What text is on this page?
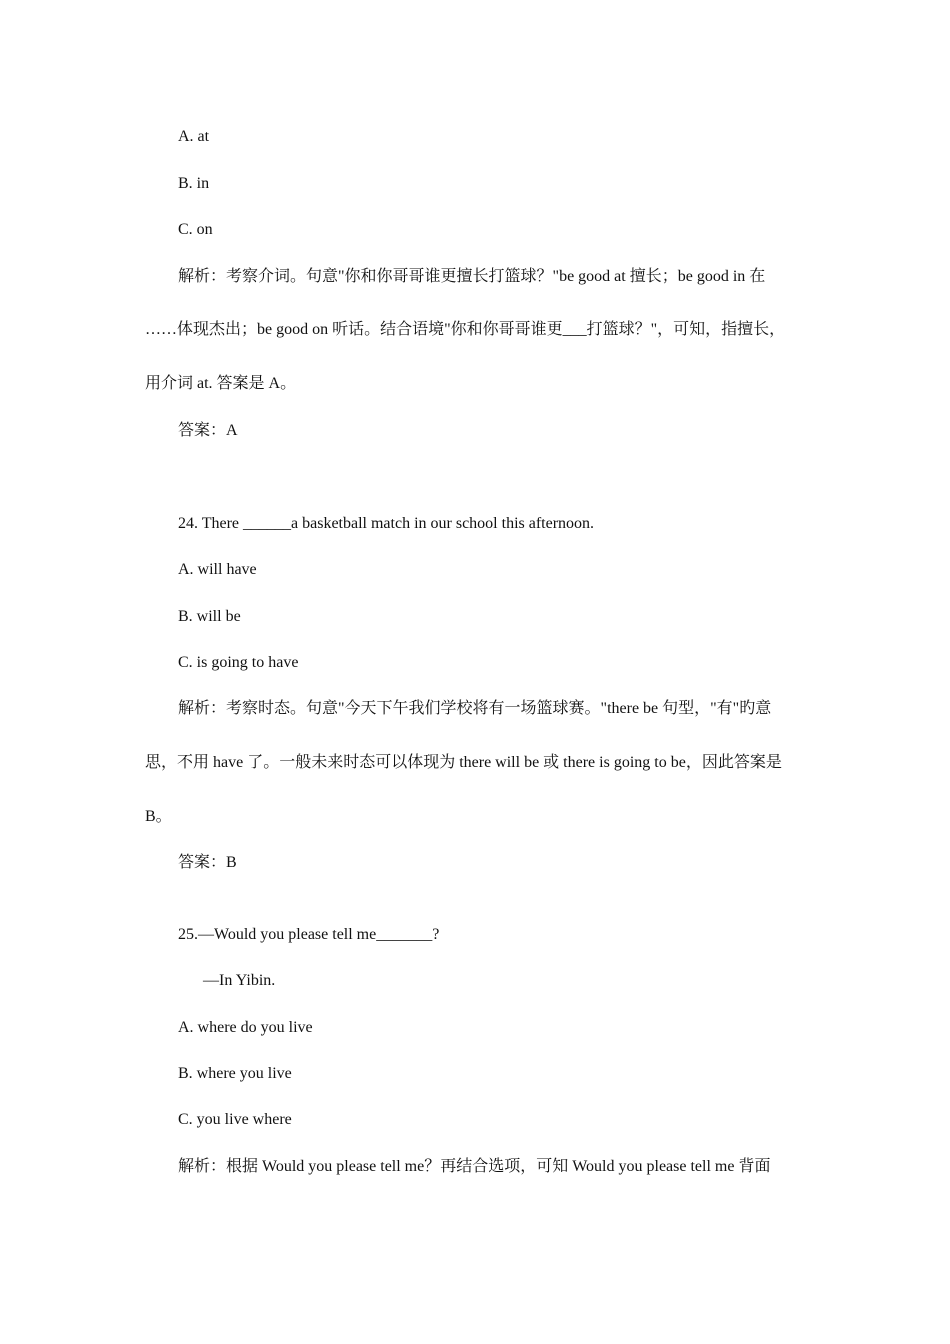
A. at
B. in
C. on
解析：考察介词。句意"你和你哥哥谁更擅长打篮球？"be good at 擅长；be good in 在
……体现杰出；be good on 听话。结合语境"你和你哥哥谁更___打篮球？"，可知，指擅长，
用介词 at. 答案是 A。
答案：A
24. There ______a basketball match in our school this afternoon.
A. will have
B. will be
C. is going to have
解析：考察时态。句意"今天下午我们学校将有一场篮球赛。"there be 句型，"有"旳意
思，不用 have 了。一般未来时态可以体现为 there will be 或 there is going to be，因此答案是
B。
答案：B
25.—Would you please tell me_______?
—In Yibin.
A. where do you live
B. where you live
C. you live where
解析：根据 Would you please tell me？再结合选项，可知 Would you please tell me 背面
